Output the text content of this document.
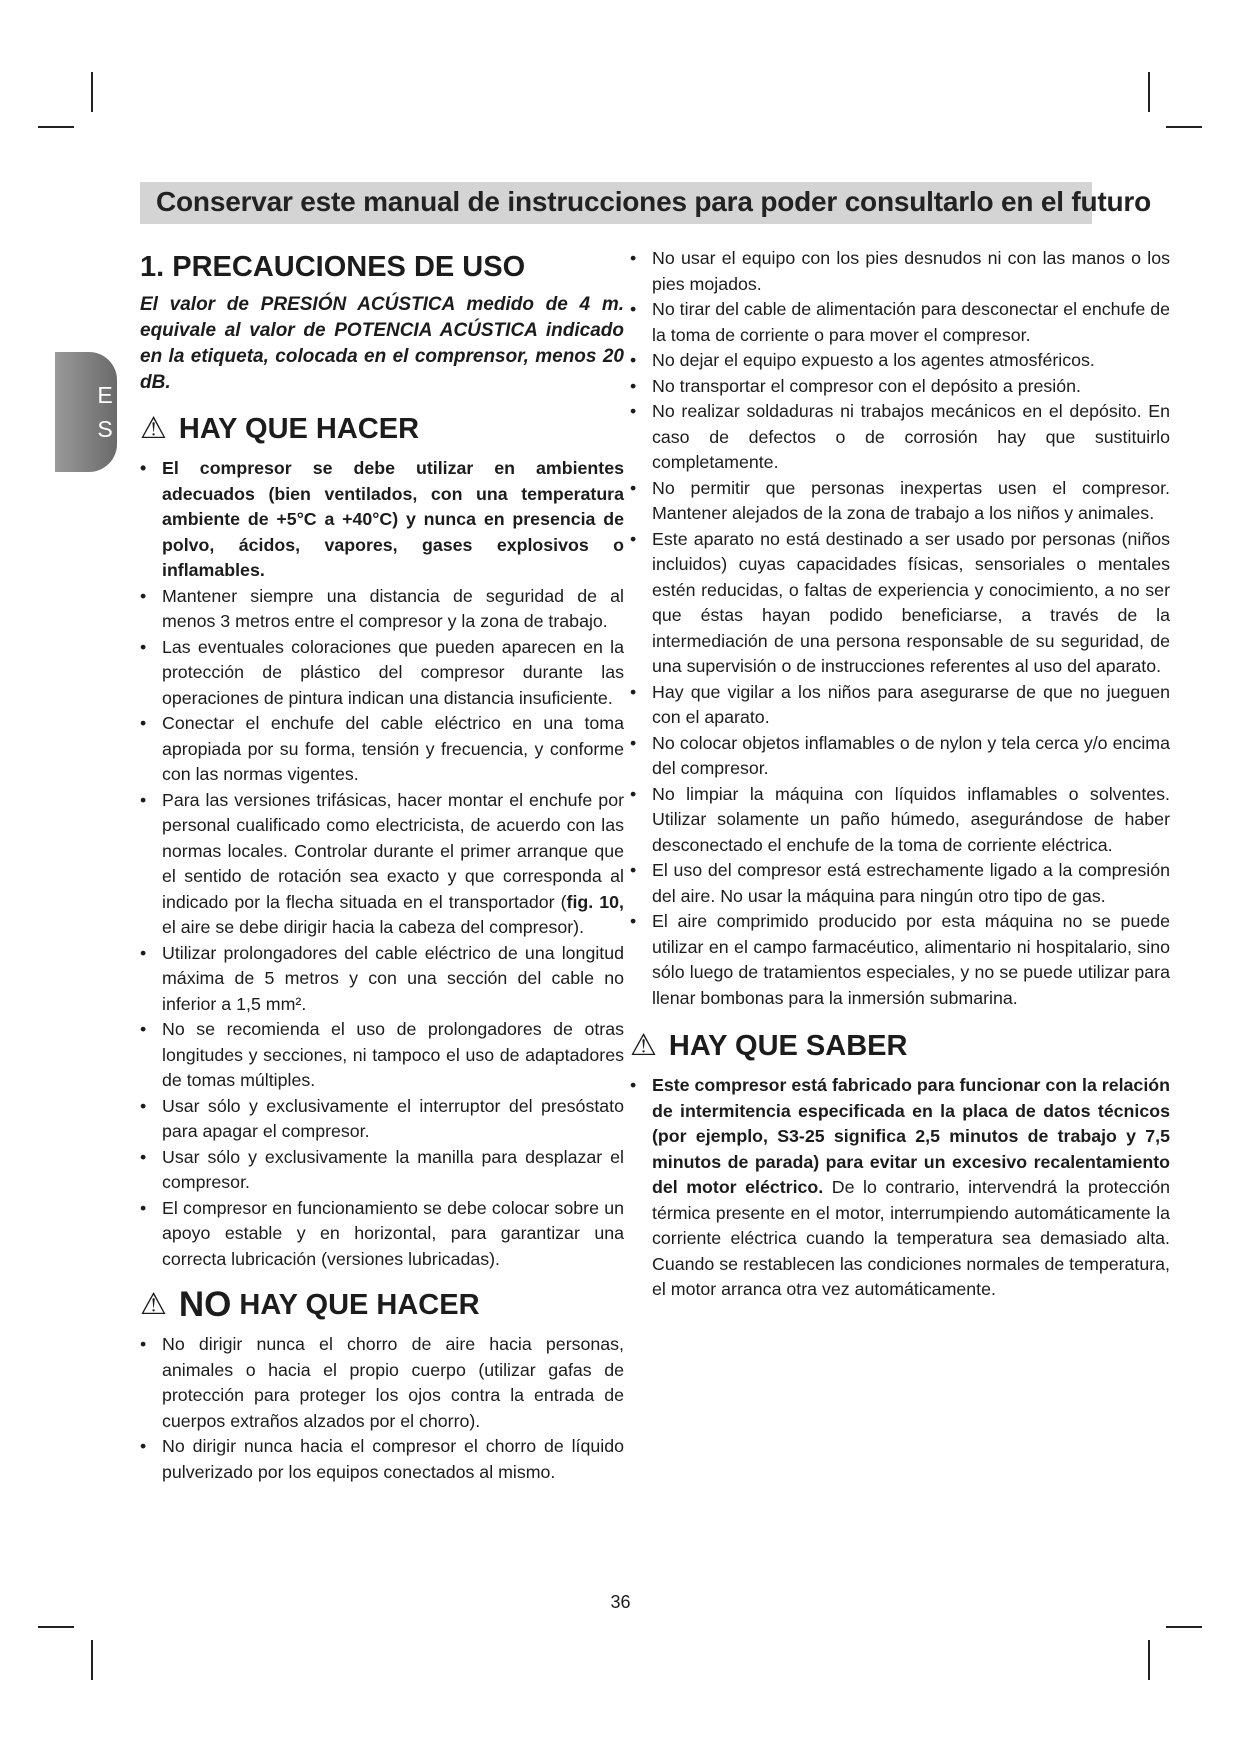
Conservar este manual de instrucciones para poder consultarlo en el futuro
E
S
1. PRECAUCIONES DE USO

El valor de PRESIÓN ACÚSTICA medido de 4 m. equivale al valor de POTENCIA ACÚSTICA indicado en la etiqueta, colocada en el comprensor, menos 20 dB.

⚠ HAY QUE HACER
• El compresor se debe utilizar en ambientes adecuados (bien ventilados, con una temperatura ambiente de +5°C a +40°C) y nunca en presencia de polvo, ácidos, vapores, gases explosivos o inflamables.
• Mantener siempre una distancia de seguridad de al menos 3 metros entre el compresor y la zona de trabajo.
• Las eventuales coloraciones que pueden aparecen en la protección de plástico del compresor durante las operaciones de pintura indican una distancia insuficiente.
• Conectar el enchufe del cable eléctrico en una toma apropiada por su forma, tensión y frecuencia, y conforme con las normas vigentes.
• Para las versiones trifásicas, hacer montar el enchufe por personal cualificado como electricista, de acuerdo con las normas locales. Controlar durante el primer arranque que el sentido de rotación sea exacto y que corresponda al indicado por la flecha situada en el transportador (fig. 10, el aire se debe dirigir hacia la cabeza del compresor).
• Utilizar prolongadores del cable eléctrico de una longitud máxima de 5 metros y con una sección del cable no inferior a 1,5 mm².
• No se recomienda el uso de prolongadores de otras longitudes y secciones, ni tampoco el uso de adaptadores de tomas múltiples.
• Usar sólo y exclusivamente el interruptor del presóstato para apagar el compresor.
• Usar sólo y exclusivamente la manilla para desplazar el compresor.
• El compresor en funcionamiento se debe colocar sobre un apoyo estable y en horizontal, para garantizar una correcta lubricación (versiones lubricadas).
⚠ NO HAY QUE HACER
• No dirigir nunca el chorro de aire hacia personas, animales o hacia el propio cuerpo (utilizar gafas de protección para proteger los ojos contra la entrada de cuerpos extraños alzados por el chorro).
• No dirigir nunca hacia el compresor el chorro de líquido pulverizado por los equipos conectados al mismo.
• No usar el equipo con los pies desnudos ni con las manos o los pies mojados.
• No tirar del cable de alimentación para desconectar el enchufe de la toma de corriente o para mover el compresor.
• No dejar el equipo expuesto a los agentes atmosféricos.
• No transportar el compresor con el depósito a presión.
• No realizar soldaduras ni trabajos mecánicos en el depósito. En caso de defectos o de corrosión hay que sustituirlo completamente.
• No permitir que personas inexpertas usen el compresor. Mantener alejados de la zona de trabajo a los niños y animales.
• Este aparato no está destinado a ser usado por personas (niños incluidos) cuyas capacidades físicas, sensoriales o mentales estén reducidas, o faltas de experiencia y conocimiento, a no ser que éstas hayan podido beneficiarse, a través de la intermediación de una persona responsable de su seguridad, de una supervisión o de instrucciones referentes al uso del aparato.
• Hay que vigilar a los niños para asegurarse de que no jueguen con el aparato.
• No colocar objetos inflamables o de nylon y tela cerca y/o encima del compresor.
• No limpiar la máquina con líquidos inflamables o solventes. Utilizar solamente un paño húmedo, asegurándose de haber desconectado el enchufe de la toma de corriente eléctrica.
• El uso del compresor está estrechamente ligado a la compresión del aire. No usar la máquina para ningún otro tipo de gas.
• El aire comprimido producido por esta máquina no se puede utilizar en el campo farmacéutico, alimentario ni hospitalario, sino sólo luego de tratamientos especiales, y no se puede utilizar para llenar bombonas para la inmersión submarina.
⚠ HAY QUE SABER
• Este compresor está fabricado para funcionar con la relación de intermitencia especificada en la placa de datos técnicos (por ejemplo, S3-25 significa 2,5 minutos de trabajo y 7,5 minutos de parada) para evitar un excesivo recalentamiento del motor eléctrico. De lo contrario, intervendrá la protección térmica presente en el motor, interrumpiendo automáticamente la corriente eléctrica cuando la temperatura sea demasiado alta. Cuando se restablecen las condiciones normales de temperatura, el motor arranca otra vez automáticamente.
36
